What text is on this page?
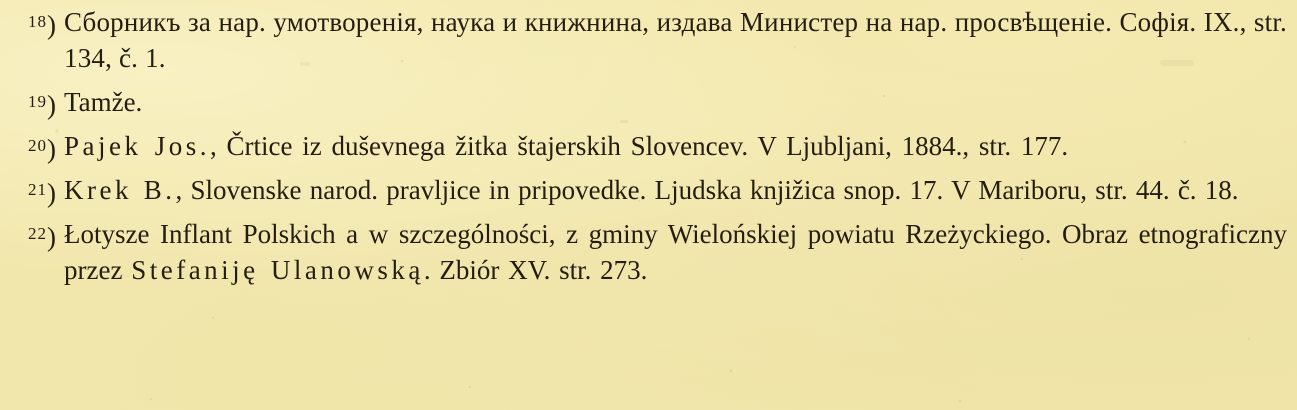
$^{18}$) Сборникъ за нар. умотворенія, наука и книжнина, издава Министер на нар. просвѣщеніе. Софія. IX., str. 134, č. 1.
$^{19}$) Tamže.
$^{20}$) Pajek Jos., Črtice iz duševnega žitka štajerskih Slovencev. V Ljubljani, 1884., str. 177.
$^{21}$) Krek B., Slovenske narod. pravljice in pripovedke. Ljudska knjižica snop. 17. V Mariboru, str. 44. č. 18.
$^{22}$) Łotysze Inflant Polskich a w szczególności, z gminy Wielońskiej powiatu Rzeżyckiego. Obraz etnograficzny przez Stefaniję Ulanowską. Zbiór XV. str. 273.
